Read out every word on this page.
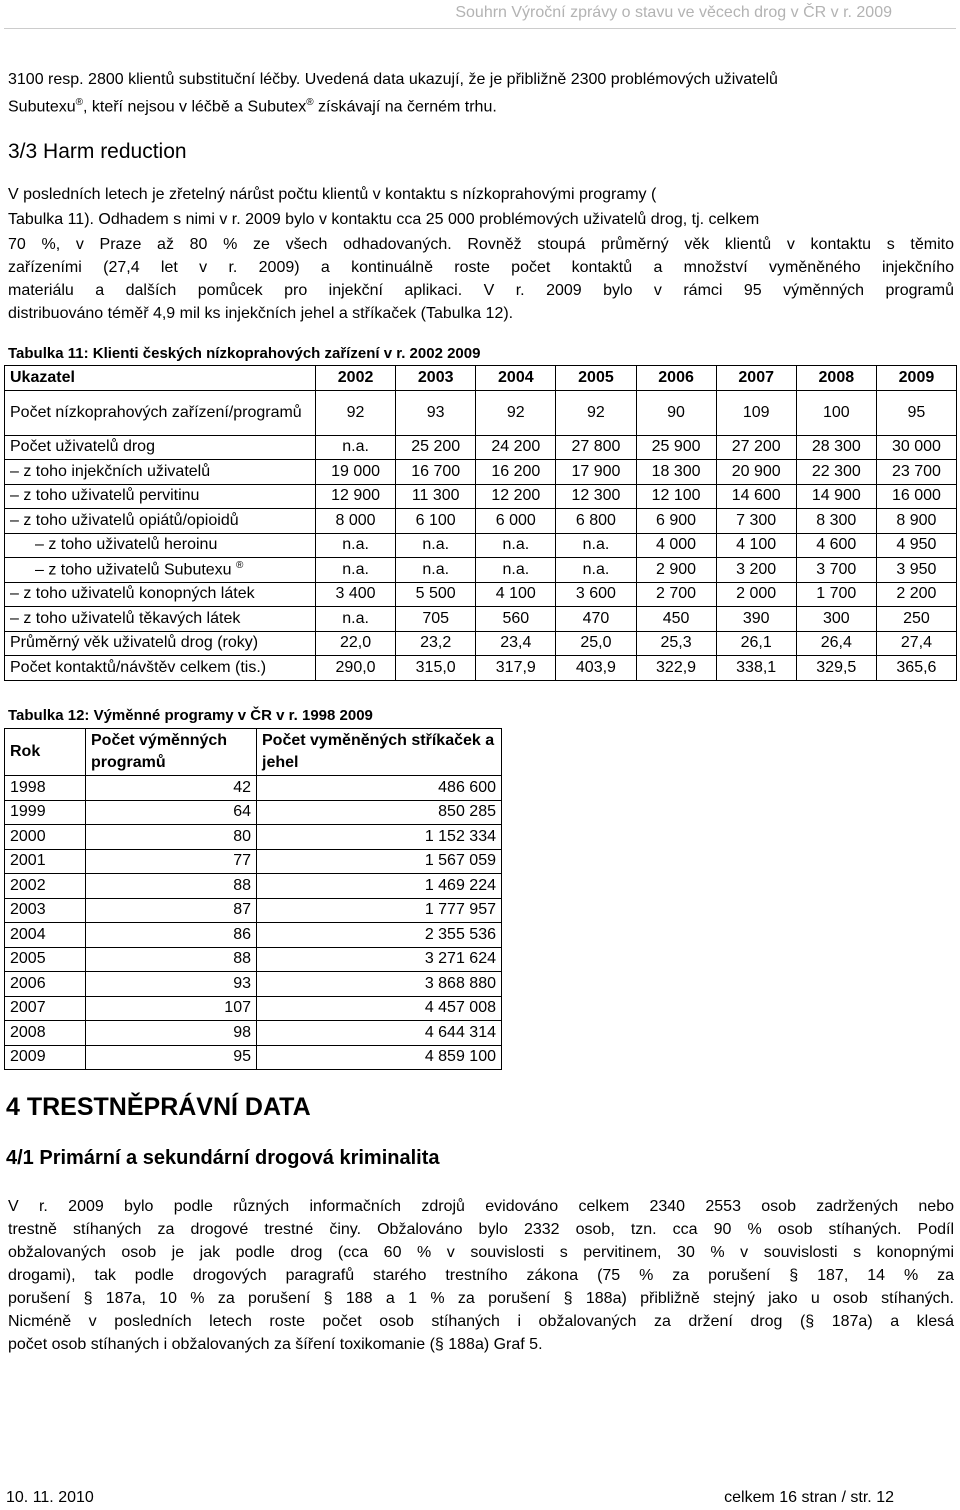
Souhrn Výroční zprávy o stavu ve věcech drog v ČR v r. 2009
3100 resp. 2800 klientů substituční léčby. Uvedená data ukazují, že je přibližně 2300 problémových uživatelů
Subutexu®, kteří nejsou v léčbě a Subutex® získávají na černém trhu.
3/3 Harm reduction
V posledních letech je zřetelný nárůst počtu klientů v kontaktu s nízkoprahovými programy (
Tabulka 11). Odhadem s nimi v r. 2009 bylo v kontaktu cca 25 000 problémových uživatelů drog, tj. celkem
70 %, v Praze až 80 % ze všech odhadovaných. Rovněž stoupá průměrný věk klientů v kontaktu s těmito
zařízeními (27,4 let v r. 2009) a kontinuálně roste počet kontaktů a množství vyměněného injekčního
materiálu a dalších pomůcek pro injekční aplikaci. V r. 2009 bylo v rámci 95 výměnných programů
distribuováno téměř 4,9 mil ks injekčních jehel a stříkaček (Tabulka 12).
Tabulka 11: Klienti českých nízkoprahových zařízení v r. 2002 2009
Ukazatel	2002	2003	2004	2005	2006	2007	2008	2009
Počet nízkoprahových zařízení/programů	92	93	92	92	90	109	100	95
Počet uživatelů drog	n.a.	25 200	24 200	27 800	25 900	27 200	28 300	30 000
– z toho injekčních uživatelů	19 000	16 700	16 200	17 900	18 300	20 900	22 300	23 700
– z toho uživatelů pervitinu	12 900	11 300	12 200	12 300	12 100	14 600	14 900	16 000
– z toho uživatelů opiátů/opioidů	8 000	6 100	6 000	6 800	6 900	7 300	8 300	8 900
– z toho uživatelů heroinu	n.a.	n.a.	n.a.	n.a.	4 000	4 100	4 600	4 950
– z toho uživatelů Subutexu ®	n.a.	n.a.	n.a.	n.a.	2 900	3 200	3 700	3 950
– z toho uživatelů konopných látek	3 400	5 500	4 100	3 600	2 700	2 000	1 700	2 200
– z toho uživatelů těkavých látek	n.a.	705	560	470	450	390	300	250
Průměrný věk uživatelů drog (roky)	22,0	23,2	23,4	25,0	25,3	26,1	26,4	27,4
Počet kontaktů/návštěv celkem (tis.)	290,0	315,0	317,9	403,9	322,9	338,1	329,5	365,6
Tabulka 12: Výměnné programy v ČR v r. 1998 2009
Rok	Počet výměnných programů	Počet vyměněných stříkaček a jehel
1998	42	486 600
1999	64	850 285
2000	80	1 152 334
2001	77	1 567 059
2002	88	1 469 224
2003	87	1 777 957
2004	86	2 355 536
2005	88	3 271 624
2006	93	3 868 880
2007	107	4 457 008
2008	98	4 644 314
2009	95	4 859 100
4 TRESTNĚPRÁVNÍ DATA
4/1 Primární a sekundární drogová kriminalita
V r. 2009 bylo podle různých informačních zdrojů evidováno celkem 2340 2553 osob zadržených nebo
trestně stíhaných za drogové trestné činy. Obžalováno bylo 2332 osob, tzn. cca 90 % osob stíhaných. Podíl
obžalovaných osob je jak podle drog (cca 60 % v souvislosti s pervitinem, 30 % v souvislosti s konopnými
drogami), tak podle drogových paragrafů starého trestního zákona (75 % za porušení § 187, 14 % za
porušení § 187a, 10 % za porušení § 188 a 1 % za porušení § 188a) přibližně stejný jako u osob stíhaných.
Nicméně v posledních letech roste počet osob stíhaných i obžalovaných za držení drog (§ 187a) a klesá
počet osob stíhaných i obžalovaných za šíření toxikomanie (§ 188a) Graf 5.
10. 11. 2010	celkem 16 stran / str. 12
